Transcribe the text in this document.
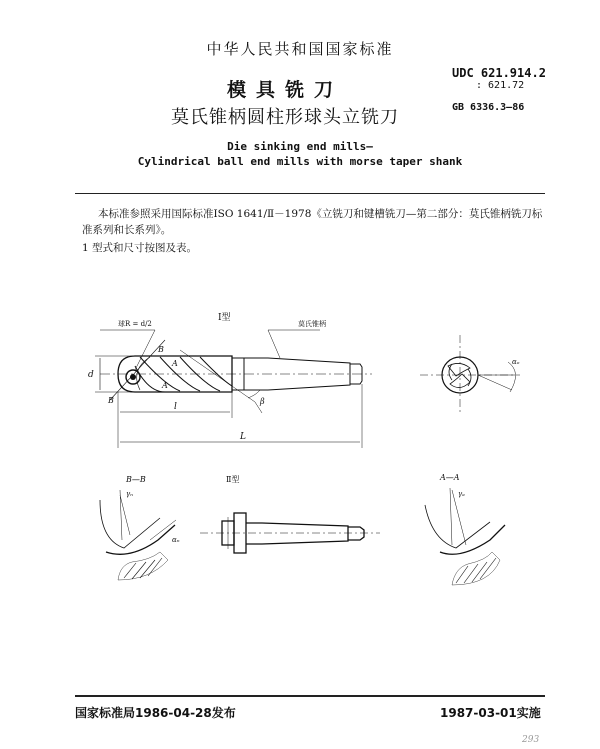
中华人民共和国国家标准
模具铣刀
莫氏锥柄圆柱形球头立铣刀
UDC 621.914.2
: 621.72
GB 6336.3—86
Die sinking end mills—
Cylindrical ball end mills with morse taper shank
本标准参照采用国际标准ISO 1641/Ⅱ－1978《立铣刀和键槽铣刀—第二部分：莫氏锥柄铣刀标
准系列和长系列》。
1 型式和尺寸按图及表。
Ⅰ型
球R = d/2	莫氏锥柄
d
l
L
B
B
A
A
β
αₒ
B—B	Ⅱ型	A—A
γₙ
αₙ
γₐ
国家标准局1986-04-28发布	1987-03-01实施
293
